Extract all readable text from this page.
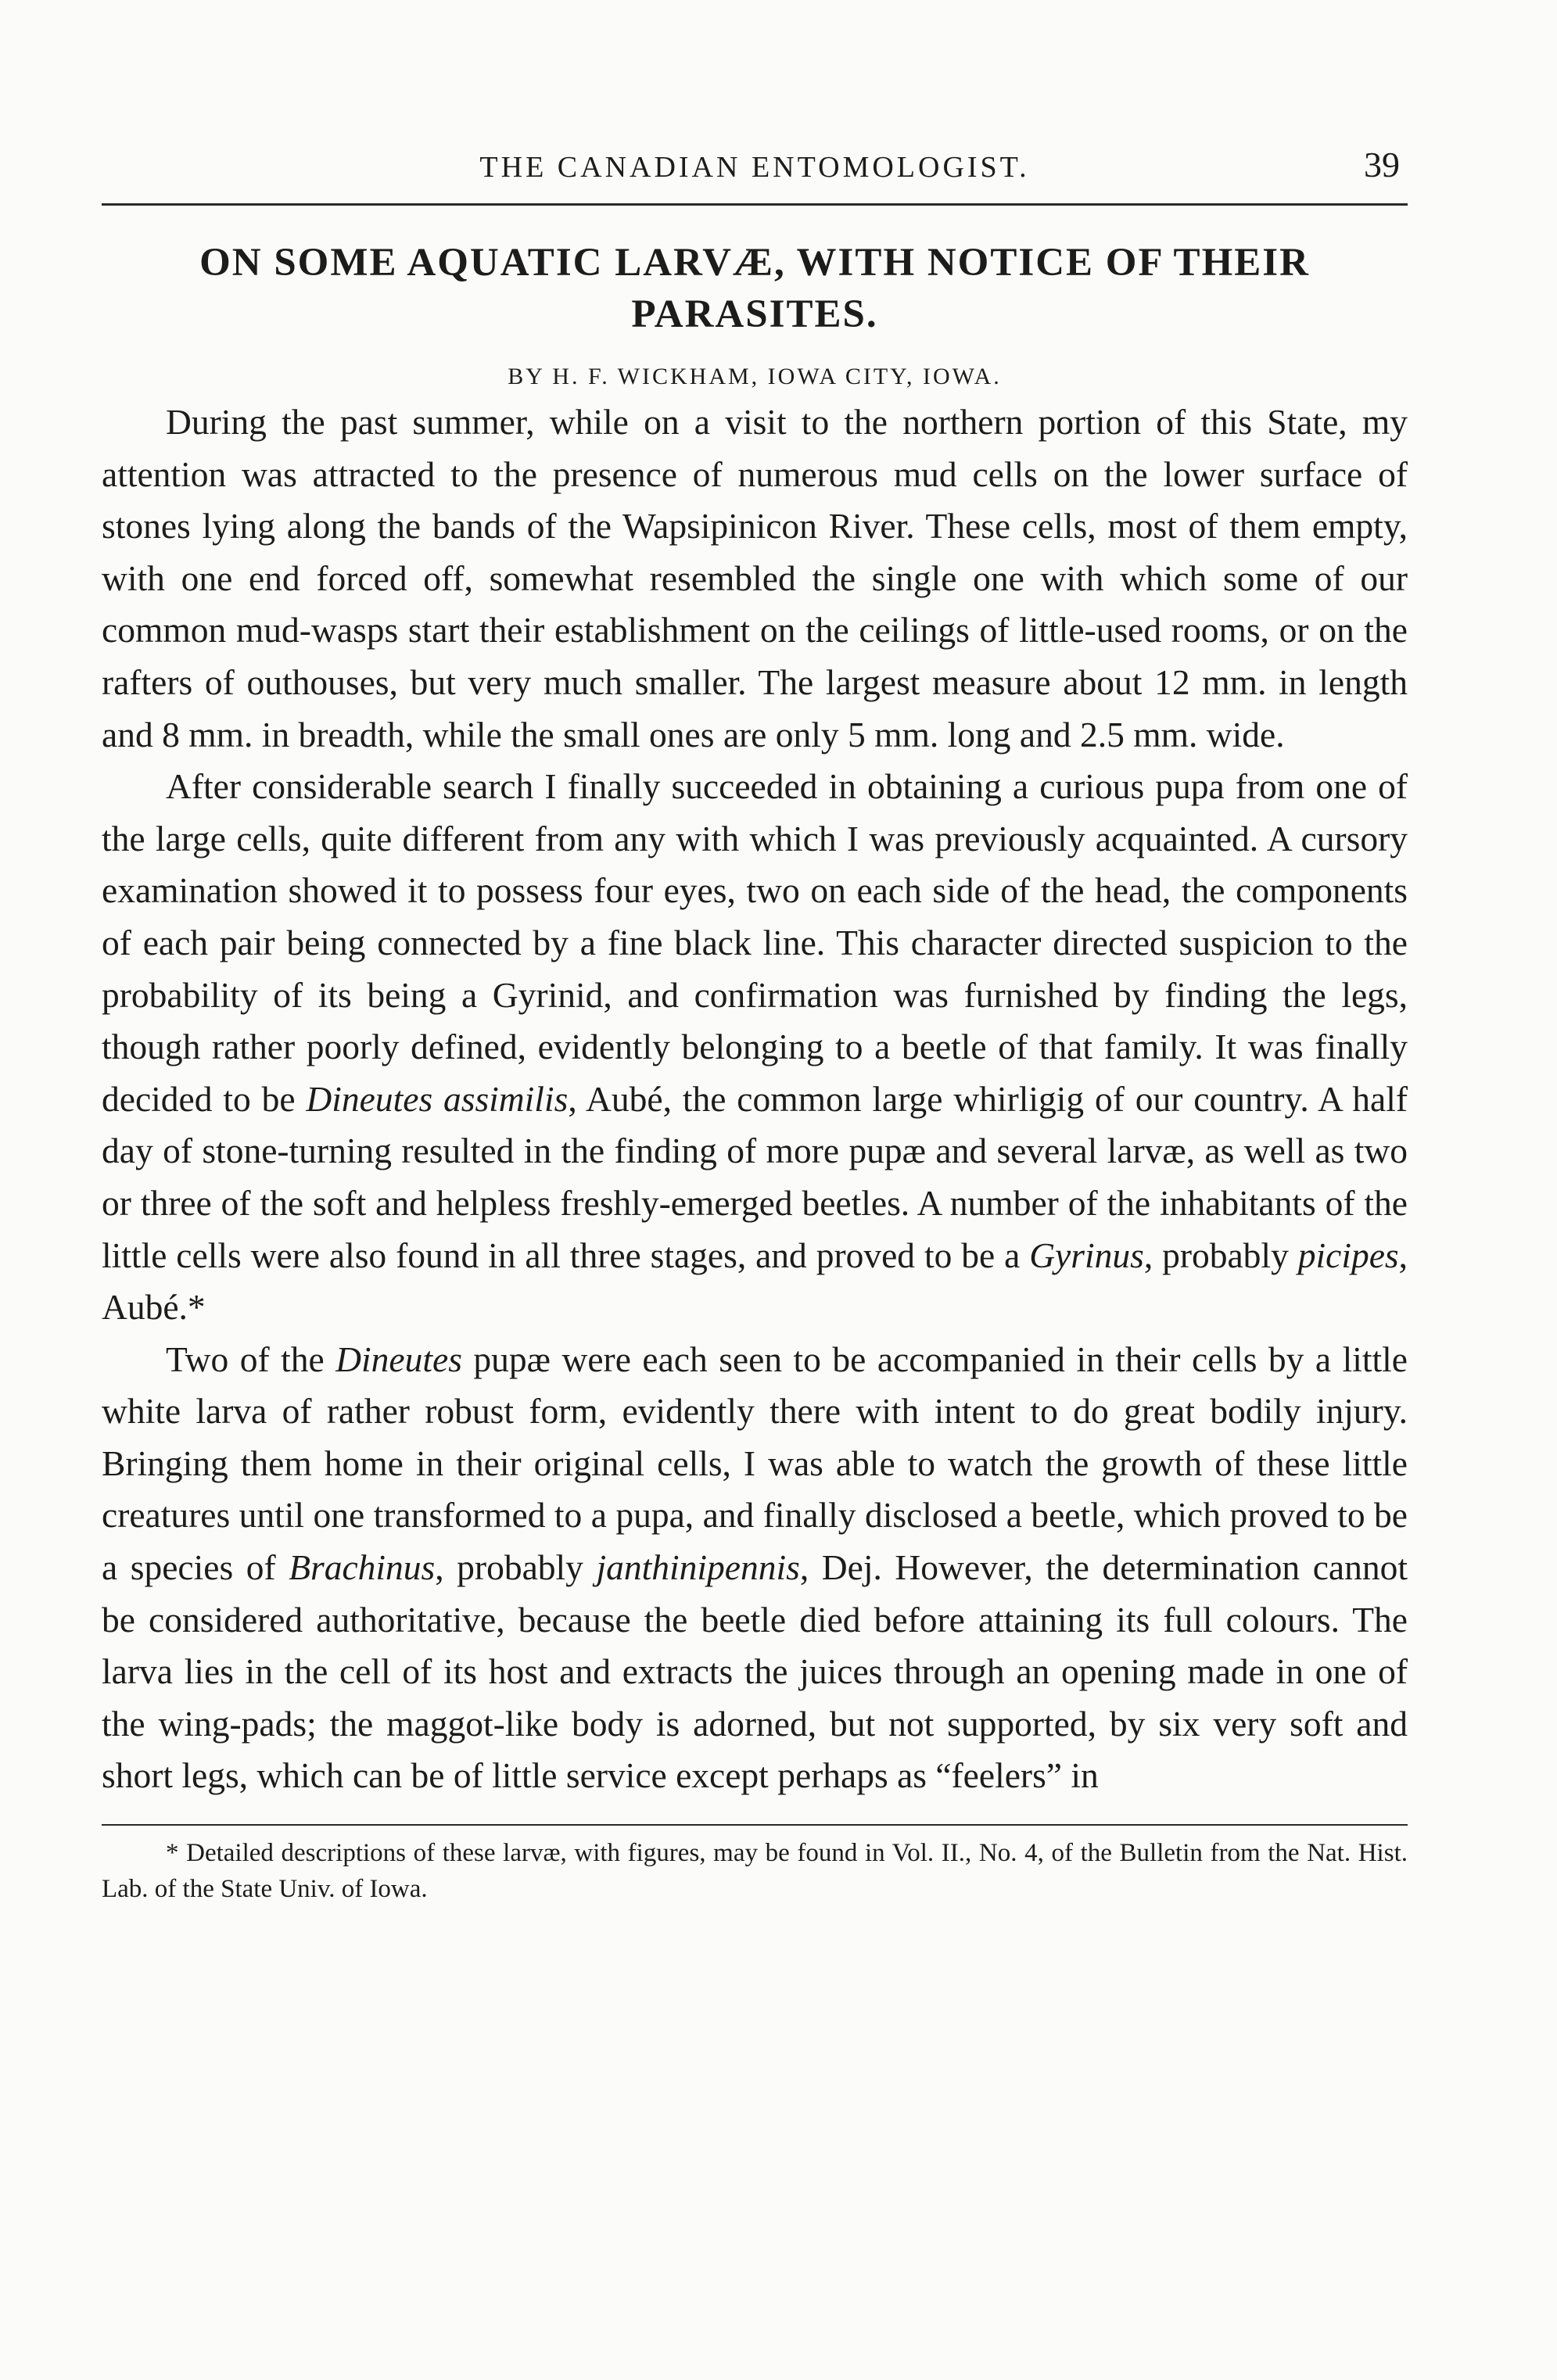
THE CANADIAN ENTOMOLOGIST.	39
ON SOME AQUATIC LARVÆ, WITH NOTICE OF THEIR PARASITES.
BY H. F. WICKHAM, IOWA CITY, IOWA.

During the past summer, while on a visit to the northern portion of this State, my attention was attracted to the presence of numerous mud cells on the lower surface of stones lying along the bands of the Wapsipinicon River. These cells, most of them empty, with one end forced off, somewhat resembled the single one with which some of our common mud-wasps start their establishment on the ceilings of little-used rooms, or on the rafters of outhouses, but very much smaller. The largest measure about 12 mm. in length and 8 mm. in breadth, while the small ones are only 5 mm. long and 2.5 mm. wide.

After considerable search I finally succeeded in obtaining a curious pupa from one of the large cells, quite different from any with which I was previously acquainted. A cursory examination showed it to possess four eyes, two on each side of the head, the components of each pair being connected by a fine black line. This character directed suspicion to the probability of its being a Gyrinid, and confirmation was furnished by finding the legs, though rather poorly defined, evidently belonging to a beetle of that family. It was finally decided to be Dineutes assimilis, Aubé, the common large whirligig of our country. A half day of stone-turning resulted in the finding of more pupæ and several larvæ, as well as two or three of the soft and helpless freshly-emerged beetles. A number of the inhabitants of the little cells were also found in all three stages, and proved to be a Gyrinus, probably picipes, Aubé.*

Two of the Dineutes pupæ were each seen to be accompanied in their cells by a little white larva of rather robust form, evidently there with intent to do great bodily injury. Bringing them home in their original cells, I was able to watch the growth of these little creatures until one transformed to a pupa, and finally disclosed a beetle, which proved to be a species of Brachinus, probably janthinipennis, Dej. However, the determination cannot be considered authoritative, because the beetle died before attaining its full colours. The larva lies in the cell of its host and extracts the juices through an opening made in one of the wing-pads; the maggot-like body is adorned, but not supported, by six very soft and short legs, which can be of little service except perhaps as “feelers” in

* Detailed descriptions of these larvæ, with figures, may be found in Vol. II., No. 4, of the Bulletin from the Nat. Hist. Lab. of the State Univ. of Iowa.
